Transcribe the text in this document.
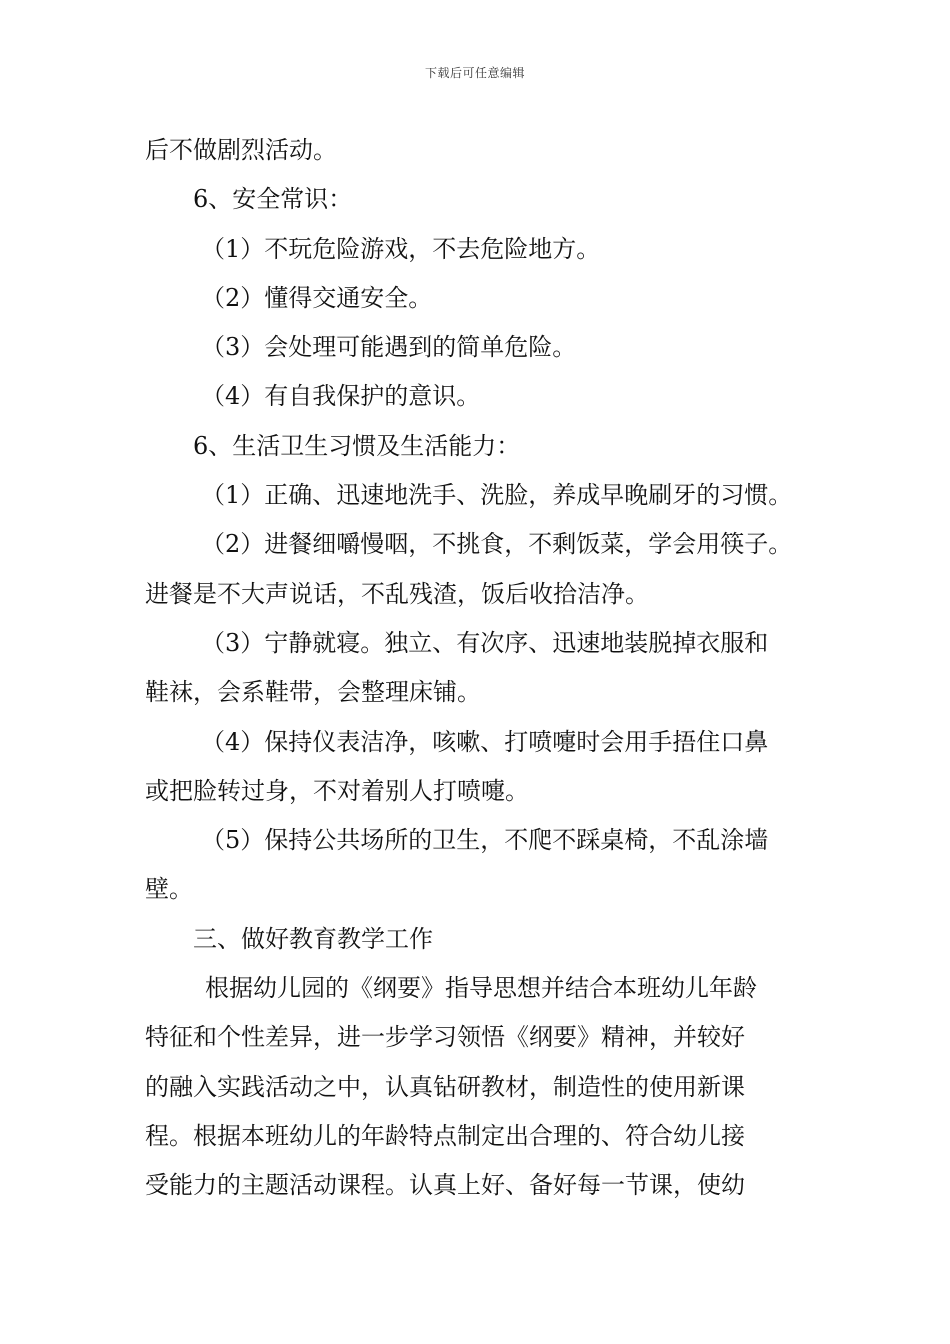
下载后可任意编辑
后不做剧烈活动。
6、安全常识：
（1）不玩危险游戏，不去危险地方。
（2）懂得交通安全。
（3）会处理可能遇到的简单危险。
（4）有自我保护的意识。
6、生活卫生习惯及生活能力：
（1）正确、迅速地洗手、洗脸，养成早晚刷牙的习惯。
（2）进餐细嚼慢咽，不挑食，不剩饭菜，学会用筷子。
进餐是不大声说话，不乱残渣，饭后收拾洁净。
（3）宁静就寝。独立、有次序、迅速地装脱掉衣服和
鞋袜，会系鞋带，会整理床铺。
（4）保持仪表洁净，咳嗽、打喷嚏时会用手捂住口鼻
或把脸转过身，不对着别人打喷嚏。
（5）保持公共场所的卫生，不爬不踩桌椅，不乱涂墙
壁。
三、做好教育教学工作
根据幼儿园的《纲要》指导思想并结合本班幼儿年龄
特征和个性差异，进一步学习领悟《纲要》精神，并较好
的融入实践活动之中，认真钻研教材，制造性的使用新课
程。根据本班幼儿的年龄特点制定出合理的、符合幼儿接
受能力的主题活动课程。认真上好、备好每一节课，使幼
